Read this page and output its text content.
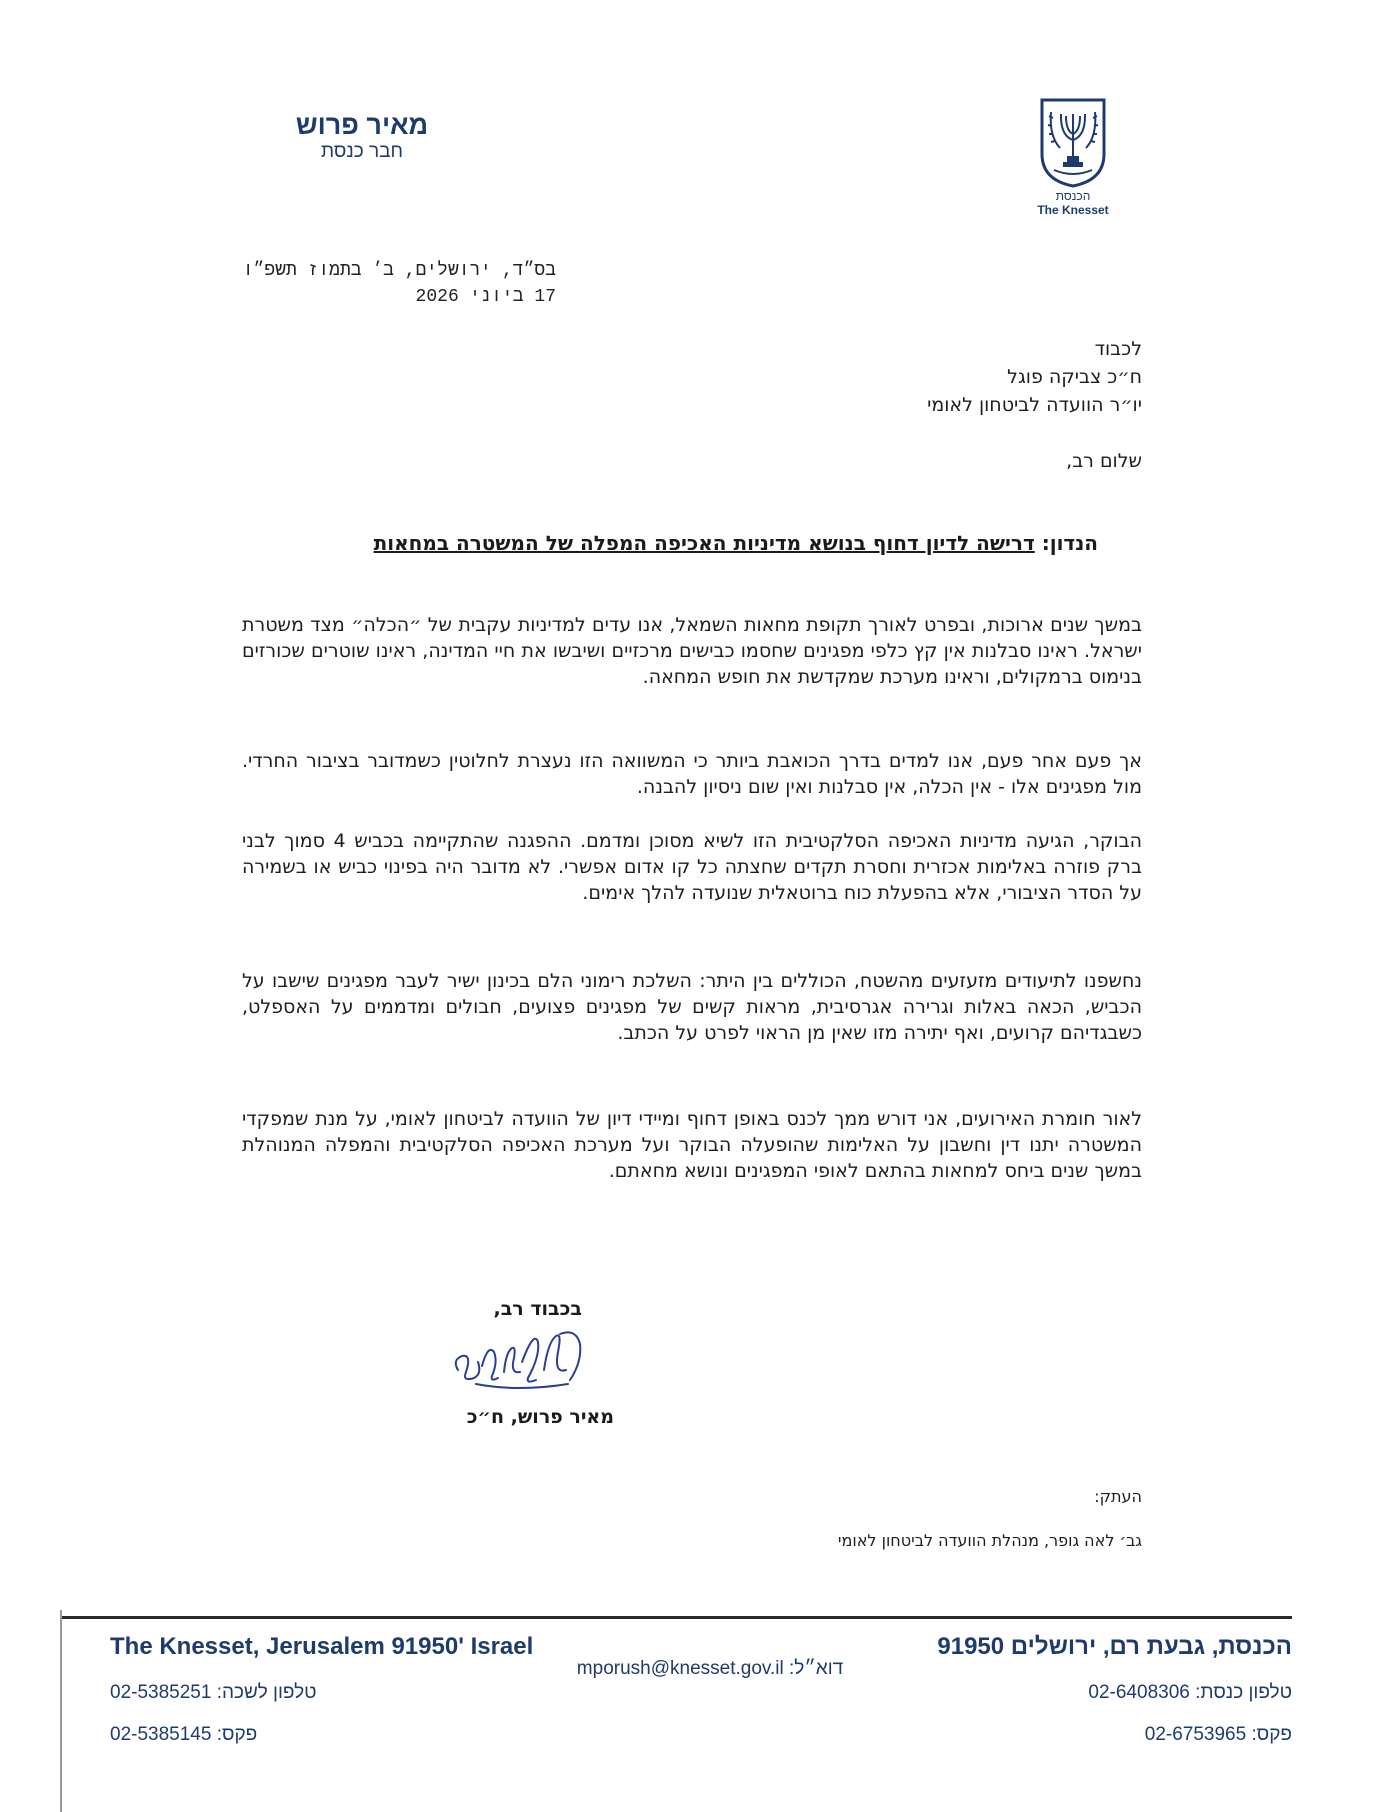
מאיר פרוש
חבר כנסת
הכנסת
The Knesset
בס״ד, ירושלים, ב׳ בתמוז תשפ״ו
17 ביוני 2026
לכבוד
ח״כ צביקה פוגל
יו״ר הוועדה לביטחון לאומי
שלום רב,
הנדון: דרישה לדיון דחוף בנושא מדיניות האכיפה המפלה של המשטרה במחאות
במשך שנים ארוכות, ובפרט לאורך תקופת מחאות השמאל, אנו עדים למדיניות עקבית של ״הכלה״ מצד משטרת ישראל. ראינו סבלנות אין קץ כלפי מפגינים שחסמו כבישים מרכזיים ושיבשו את חיי המדינה, ראינו שוטרים שכורזים בנימוס ברמקולים, וראינו מערכת שמקדשת את חופש המחאה.
אך פעם אחר פעם, אנו למדים בדרך הכואבת ביותר כי המשוואה הזו נעצרת לחלוטין כשמדובר בציבור החרדי. מול מפגינים אלו - אין הכלה, אין סבלנות ואין שום ניסיון להבנה.
הבוקר, הגיעה מדיניות האכיפה הסלקטיבית הזו לשיא מסוכן ומדמם. ההפגנה שהתקיימה בכביש 4 סמוך לבני ברק פוזרה באלימות אכזרית וחסרת תקדים שחצתה כל קו אדום אפשרי. לא מדובר היה בפינוי כביש או בשמירה על הסדר הציבורי, אלא בהפעלת כוח ברוטאלית שנועדה להלך אימים.
נחשפנו לתיעודים מזעזעים מהשטח, הכוללים בין היתר: השלכת רימוני הלם בכינון ישיר לעבר מפגינים שישבו על הכביש, הכאה באלות וגרירה אגרסיבית, מראות קשים של מפגינים פצועים, חבולים ומדממים על האספלט, כשבגדיהם קרועים, ואף יתירה מזו שאין מן הראוי לפרט על הכתב.
לאור חומרת האירועים, אני דורש ממך לכנס באופן דחוף ומיידי דיון של הוועדה לביטחון לאומי, על מנת שמפקדי המשטרה יתנו דין וחשבון על האלימות שהופעלה הבוקר ועל מערכת האכיפה הסלקטיבית והמפלה המנוהלת במשך שנים ביחס למחאות בהתאם לאופי המפגינים ונושא מחאתם.
בכבוד רב,
מאיר פרוש, ח״כ
העתק:
גב׳ לאה גופר, מנהלת הוועדה לביטחון לאומי
The Knesset, Jerusalem 91950' Israel	הכנסת, גבעת רם, ירושלים 91950
דוא״ל: mporush@knesset.gov.il
טלפון לשכה: 02-5385251
פקס: 02-5385145
טלפון כנסת: 02-6408306
פקס: 02-6753965
